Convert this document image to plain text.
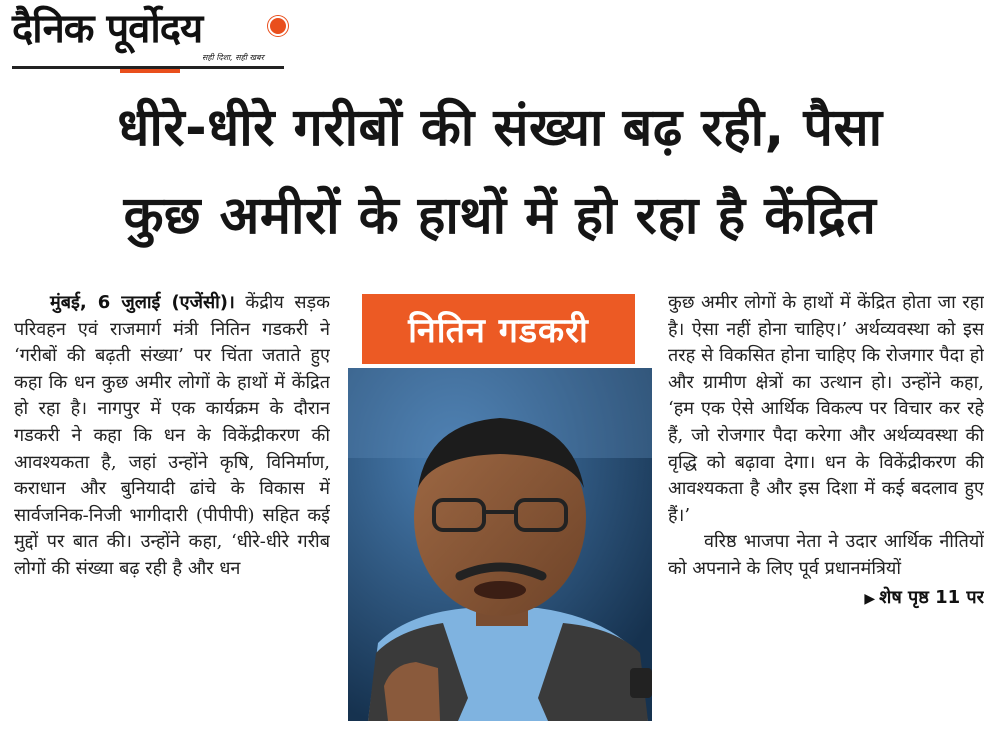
दैनिक पूर्वोदय
सही दिशा, सही खबर
धीरे-धीरे गरीबों की संख्या बढ़ रही, पैसा
कुछ अमीरों के हाथों में हो रहा है केंद्रित

मुंबई, 6 जुलाई (एजेंसी)। केंद्रीय सड़क परिवहन एवं राजमार्ग मंत्री नितिन गडकरी ने ‘गरीबों की बढ़ती संख्या’ पर चिंता जताते हुए कहा कि धन कुछ अमीर लोगों के हाथों में केंद्रित हो रहा है। नागपुर में एक कार्यक्रम के दौरान गडकरी ने कहा कि धन के विकेंद्रीकरण की आवश्यकता है, जहां उन्होंने कृषि, विनिर्माण, कराधान और बुनियादी ढांचे के विकास में सार्वजनिक-निजी भागीदारी (पीपीपी) सहित कई मुद्दों पर बात की। उन्होंने कहा, ‘धीरे-धीरे गरीब लोगों की संख्या बढ़ रही है और धन

नितिन गडकरी

कुछ अमीर लोगों के हाथों में केंद्रित होता जा रहा है। ऐसा नहीं होना चाहिए।’ अर्थव्यवस्था को इस तरह से विकसित होना चाहिए कि रोजगार पैदा हो और ग्रामीण क्षेत्रों का उत्थान हो। उन्होंने कहा, ‘हम एक ऐसे आर्थिक विकल्प पर विचार कर रहे हैं, जो रोजगार पैदा करेगा और अर्थव्यवस्था की वृद्धि को बढ़ावा देगा। धन के विकेंद्रीकरण की आवश्यकता है और इस दिशा में कई बदलाव हुए हैं।’

वरिष्ठ भाजपा नेता ने उदार आर्थिक नीतियों को अपनाने के लिए पूर्व प्रधानमंत्रियों

▶ शेष पृष्ठ 11 पर
